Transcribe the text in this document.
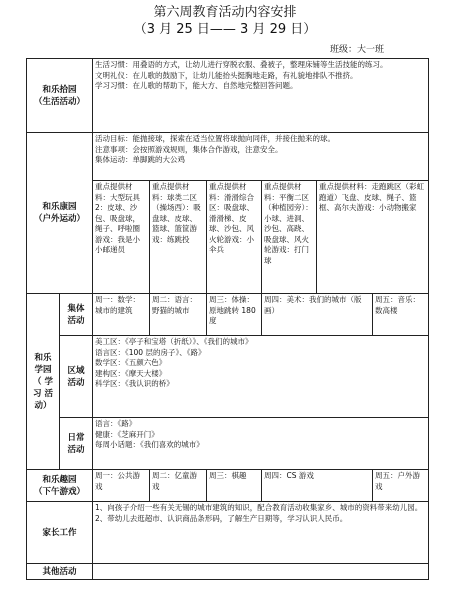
第六周教育活动内容安排
（3 月 25 日—— 3 月 29 日）
班级：大一班
和乐拾园
（生活活动）		生活习惯：用叠语的方式，让幼儿进行穿脱衣服、叠被子，整理床铺等生活技能的练习。
文明礼仪：在儿歌的鼓励下，让幼儿能抬头挺胸地走路，有礼貌地排队不推挤。
学习习惯：在儿歌的帮助下，能大方、自然地完整回答问题。					

和乐康园
（户外运动）		活动目标：能抛接球，探索在适当位置将球抛向同伴，并接住抛来的球。
注意事项：会按照游戏规则，集体合作游戏，注意安全。
集体运动：单脚跳的大公鸡					

		重点提供材料：大型玩具 2：皮球、沙包、吸盘球，绳子、呼啦圈游戏：我是小小邮递员	重点提供材料：球类二区（操场西）：吸盘球、皮球、篮球、篮筐游戏：练跳投	重点提供材料：滑滑综合区：吸盘球、滑滑梯、皮球、沙包、风火轮游戏：小伞兵	重点提供材料：平衡二区（种植园旁）：小球、进洞、沙包、高跷、吸盘球、风火轮游戏：打门球	重点提供材料：走跑跳区（彩虹跑道）飞盘、皮球、绳子、篮框、高尔夫游戏：小动物搬家	

和乐
学园
（ 学
习 活
动）	集体
活动	周一：数学：城市的建筑	周二：语言：野猫的城市	周三：体操：原地跳转 180 度	周四：美术：我们的城市（版画）		周五：音乐：数高楼

	区域
活动	美工区：《亭子和宝塔（折纸）》、《我们的城市》
语言区：《100 层的房子》、《路》
数学区：《五颜六色》
建构区：《摩天大楼》
科学区：《我认识的桥》					

	日常
活动	语言：《路》
健康：《芝麻开门》
每周小话题：《我们喜欢的城市》					

和乐趣园
（下午游戏）		周一：公共游戏	周二：亿童游戏	周三：棋趣	周四：CS 游戏		周五：户外游戏
家长工作		1、向孩子介绍一些有关无锡的城市建筑的知识，配合教育活动收集家乡、城市的资料带来幼儿园。
2、带幼儿去逛超市、认识商品条形码，了解生产日期等，学习认识人民币。					

其他活动							
